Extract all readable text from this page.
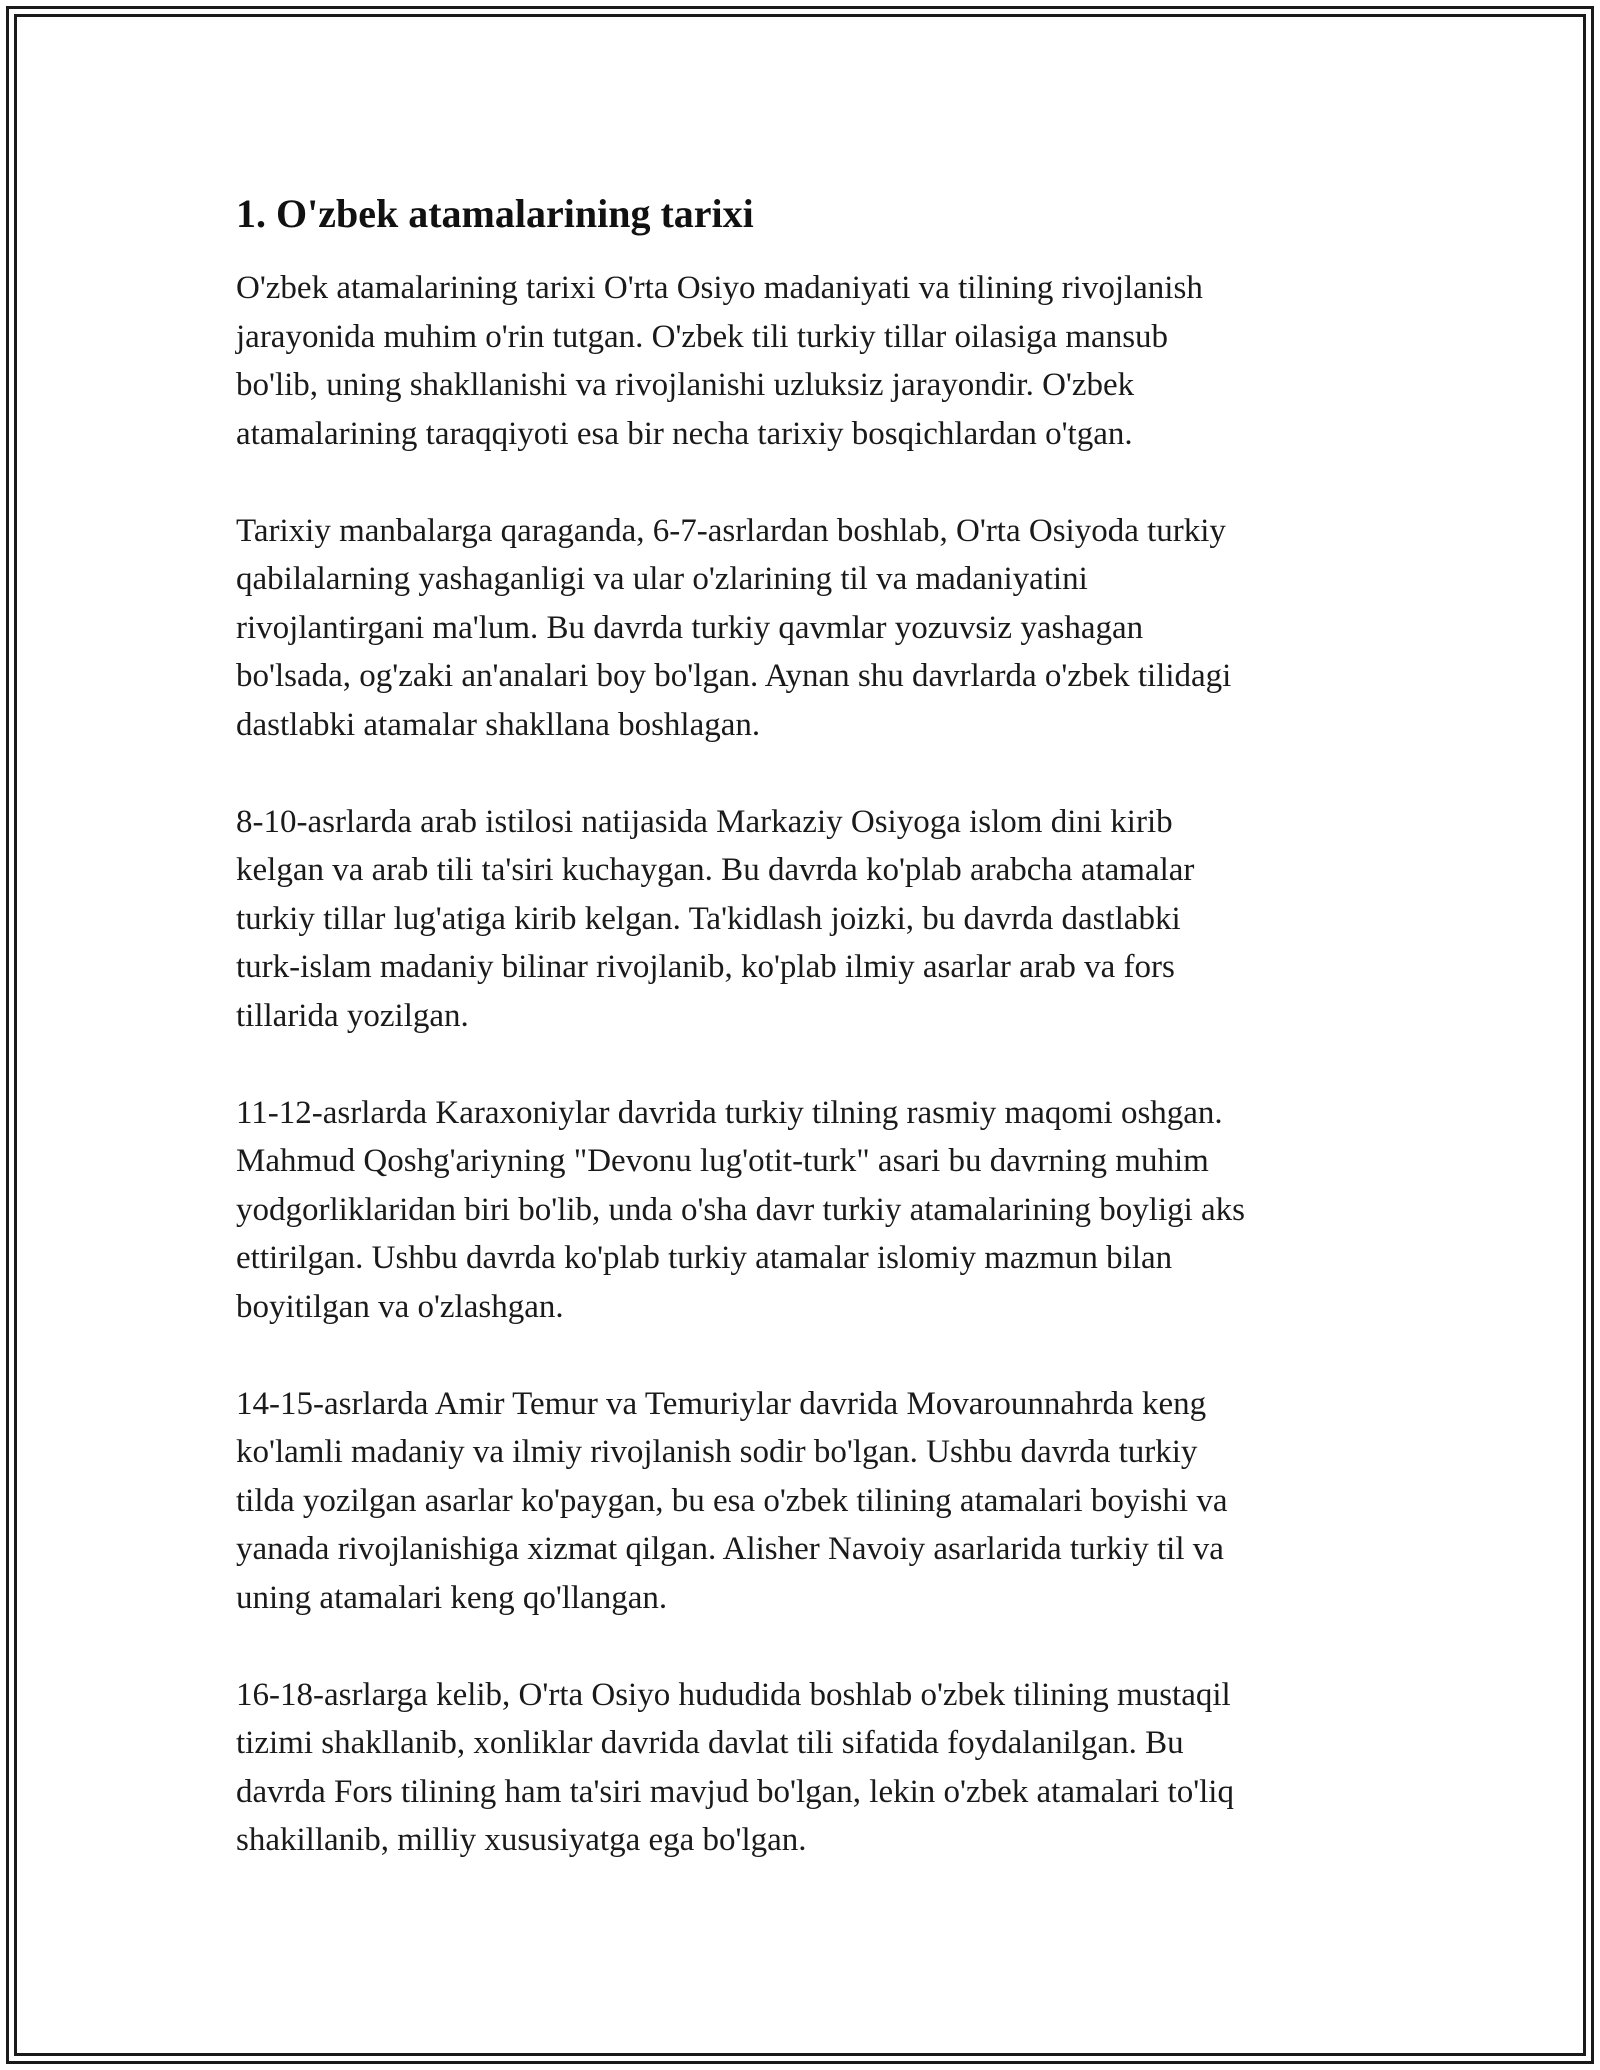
1. O'zbek atamalarining tarixi

O'zbek atamalarining tarixi O'rta Osiyo madaniyati va tilining rivojlanish
jarayonida muhim o'rin tutgan. O'zbek tili turkiy tillar oilasiga mansub
bo'lib, uning shakllanishi va rivojlanishi uzluksiz jarayondir. O'zbek
atamalarining taraqqiyoti esa bir necha tarixiy bosqichlardan o'tgan.

Tarixiy manbalarga qaraganda, 6-7-asrlardan boshlab, O'rta Osiyoda turkiy
qabilalarning yashaganligi va ular o'zlarining til va madaniyatini
rivojlantirgani ma'lum. Bu davrda turkiy qavmlar yozuvsiz yashagan
bo'lsada, og'zaki an'analari boy bo'lgan. Aynan shu davrlarda o'zbek tilidagi
dastlabki atamalar shakllana boshlagan.

8-10-asrlarda arab istilosi natijasida Markaziy Osiyoga islom dini kirib
kelgan va arab tili ta'siri kuchaygan. Bu davrda ko'plab arabcha atamalar
turkiy tillar lug'atiga kirib kelgan. Ta'kidlash joizki, bu davrda dastlabki
turk-islam madaniy bilinar rivojlanib, ko'plab ilmiy asarlar arab va fors
tillarida yozilgan.

11-12-asrlarda Karaxoniylar davrida turkiy tilning rasmiy maqomi oshgan.
Mahmud Qoshg'ariyning "Devonu lug'otit-turk" asari bu davrning muhim
yodgorliklaridan biri bo'lib, unda o'sha davr turkiy atamalarining boyligi aks
ettirilgan. Ushbu davrda ko'plab turkiy atamalar islomiy mazmun bilan
boyitilgan va o'zlashgan.

14-15-asrlarda Amir Temur va Temuriylar davrida Movarounnahrda keng
ko'lamli madaniy va ilmiy rivojlanish sodir bo'lgan. Ushbu davrda turkiy
tilda yozilgan asarlar ko'paygan, bu esa o'zbek tilining atamalari boyishi va
yanada rivojlanishiga xizmat qilgan. Alisher Navoiy asarlarida turkiy til va
uning atamalari keng qo'llangan.

16-18-asrlarga kelib, O'rta Osiyo hududida boshlab o'zbek tilining mustaqil
tizimi shakllanib, xonliklar davrida davlat tili sifatida foydalanilgan. Bu
davrda Fors tilining ham ta'siri mavjud bo'lgan, lekin o'zbek atamalari to'liq
shakillanib, milliy xususiyatga ega bo'lgan.
